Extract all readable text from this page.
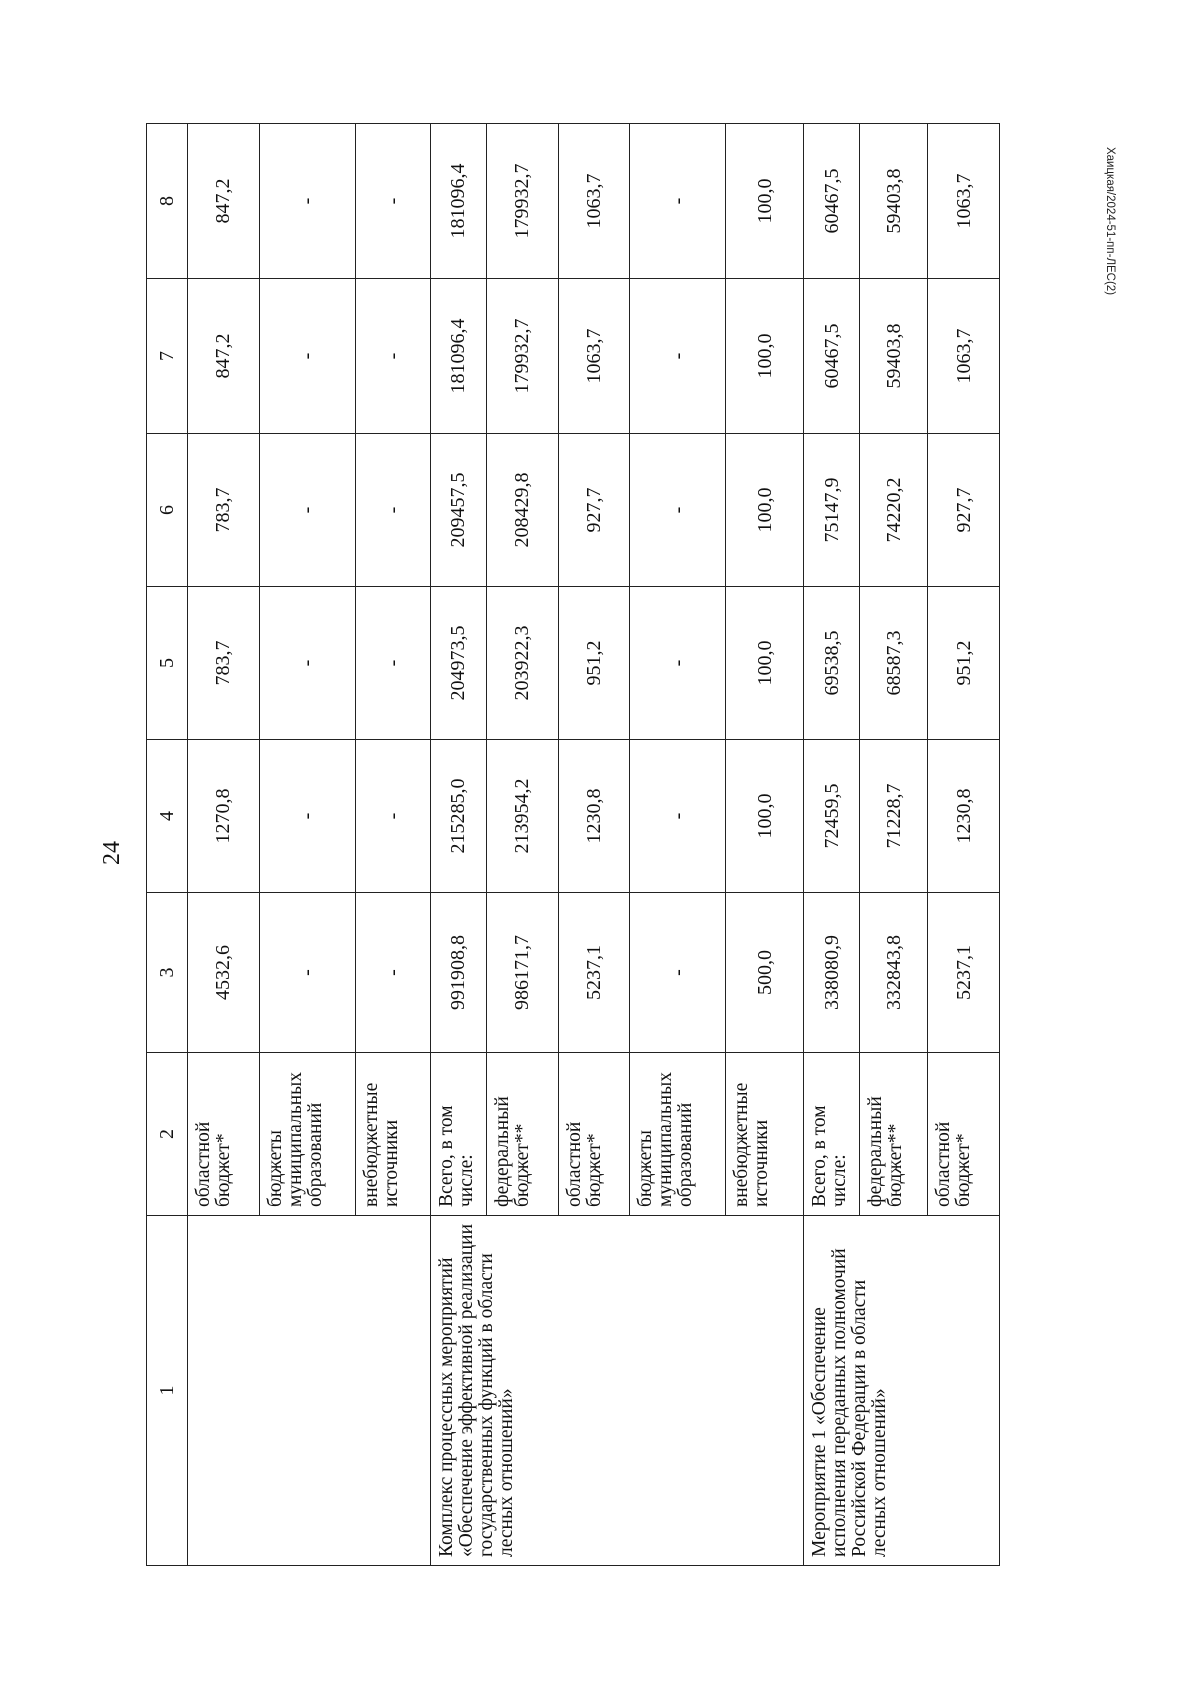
24
Хаицкая/2024-51-пп-ЛЕС(2)
1	2	3	4	5	6	7	8
	областной бюджет*	4532,6	1270,8	783,7	783,7	847,2	847,2
	бюджеты муниципальных образований	-	-	-	-	-	-
	внебюджетные источники	-	-	-	-	-	-
Комплекс процессных мероприятий «Обеспечение эффективной реализации государственных функций в области лесных отношений»	Всего, в том числе:	991908,8	215285,0	204973,5	209457,5	181096,4	181096,4
	федеральный бюджет**	986171,7	213954,2	203922,3	208429,8	179932,7	179932,7
	областной бюджет*	5237,1	1230,8	951,2	927,7	1063,7	1063,7
	бюджеты муниципальных образований	-	-	-	-	-	-
	внебюджетные источники	500,0	100,0	100,0	100,0	100,0	100,0
Мероприятие 1 «Обеспечение исполнения переданных полномочий Российской Федерации в области лесных отношений»	Всего, в том числе:	338080,9	72459,5	69538,5	75147,9	60467,5	60467,5
	федеральный бюджет**	332843,8	71228,7	68587,3	74220,2	59403,8	59403,8
	областной бюджет*	5237,1	1230,8	951,2	927,7	1063,7	1063,7
